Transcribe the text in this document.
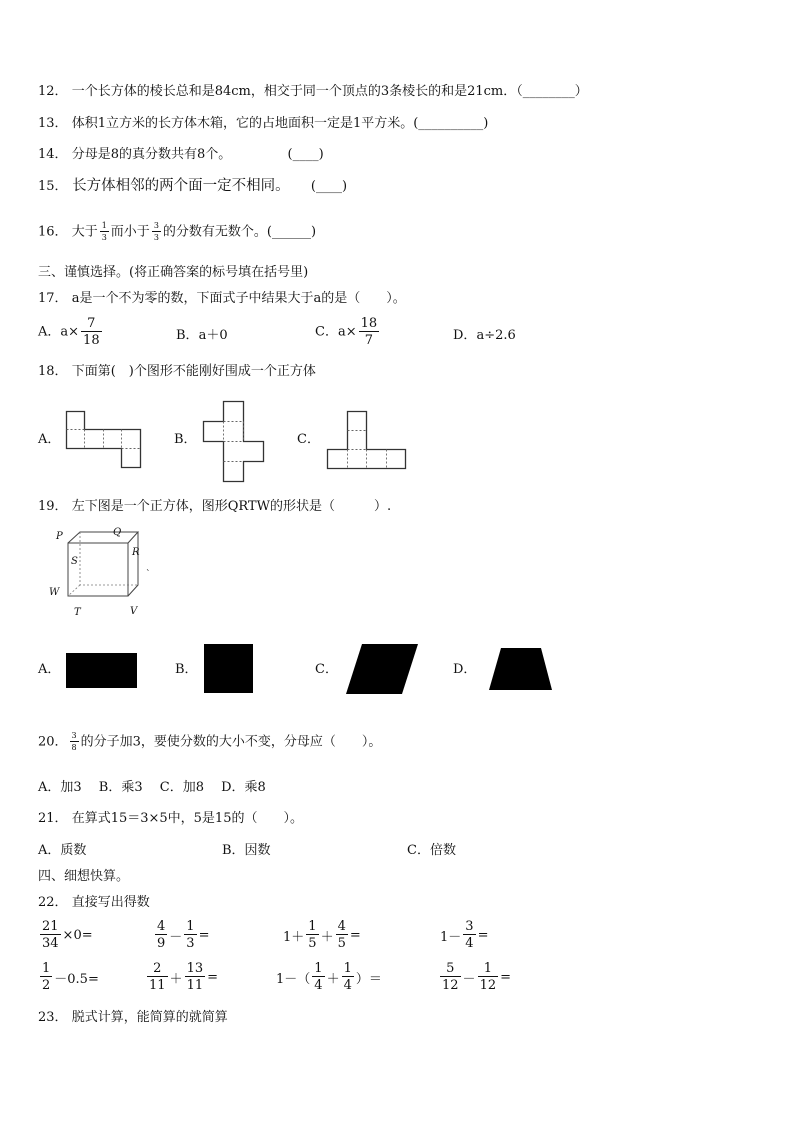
12． 一个长方体的棱长总和是84cm，相交于同一个顶点的3条棱长的和是21cm．（________）
13． 体积1立方米的长方体木箱，它的占地面积一定是1平方米。(__________)
14． 分母是8的真分数共有8个。	(____)
15． 长方体相邻的两个面一定不相同。 (____)
16． 大于 $\frac{1}{3}$ 而小于 $\frac{3}{3}$ 的分数有无数个。(______)
三、谨慎选择。(将正确答案的标号填在括号里)
17． a是一个不为零的数，下面式子中结果大于a的是（　　）。
A．$a\times \frac{7}{18}$	B．a＋0	C．$a\times \frac{18}{7}$	D．a÷2.6
18． 下面第(　)个图形不能刚好围成一个正方体
A．	B．	C．
19． 左下图是一个正方体，图形QRTW的形状是（　　　）.
P	Q
R
S
W
T	V
ˋ
A．	B．	C．	D．
20． $\frac{3}{8}$ 的分子加3，要使分数的大小不变，分母应（　　）。
A．加3　 B．乘3　 C．加8　 D．乘8
21． 在算式15＝3×5中，5是15的（　　）。
A．质数	B．因数	C．倍数
四、细想快算。
22． 直接写出得数
$\frac{21}{34} \times 0=$	$\frac{4}{9} - \frac{1}{3}$ =	$1+ \frac{1}{5} + \frac{4}{5}$ =	$1- \frac{3}{4}$ =
$\frac{1}{2} -0.5=$	$\frac{2}{11} + \frac{13}{11}$ =	$1-( \frac{1}{4} + \frac{1}{4}$ ）＝	$\frac{5}{12} - \frac{1}{12}$ =
23． 脱式计算，能简算的就简算
